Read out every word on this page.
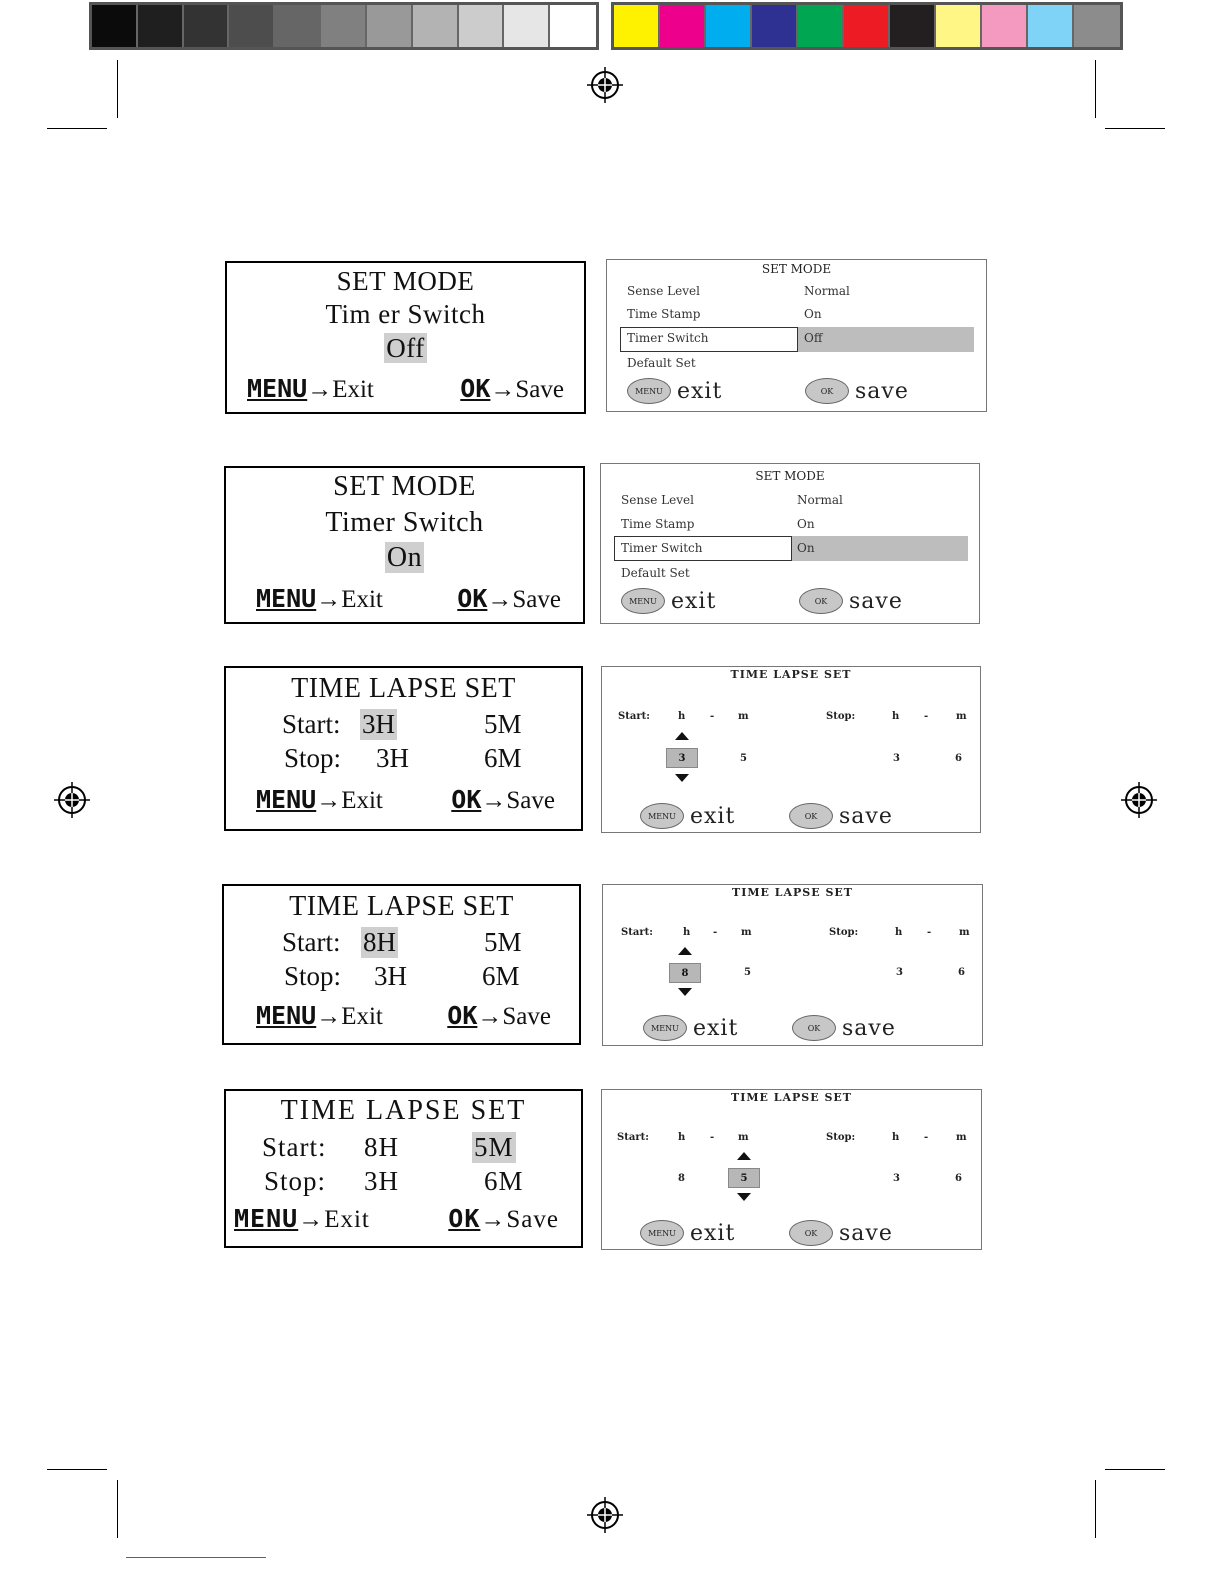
SET MODE
Tim er Switch
Off
MENU→Exit	OK→Save
SET MODE
Sense Level	Normal
Time Stamp	On
Timer Switch	Off
Default Set
MENU exit	OK save
SET MODE
Timer Switch
On
MENU→Exit	OK→Save
SET MODE
Sense Level	Normal
Time Stamp	On
Timer Switch	On
Default Set
MENU exit	OK save
TIME LAPSE SET
Start: 3H	5M
Stop: 3H	6M
MENU→Exit	OK→Save
TIME LAPSE SET
Start:	h - m	Stop:	h -	m
3	5	3	6
MENU exit	OK save
TIME LAPSE SET
Start: 8H	5M
Stop: 3H	6M
MENU→Exit	OK→Save
TIME LAPSE SET
Start:	h - m	Stop:	h -	m
8	5	3	6
MENU exit	OK save
TIME LAPSE SET
Start: 8H	5M
Stop: 3H	6M
MENU→Exit	OK→Save
TIME LAPSE SET
Start:	h - m	Stop:	h -	m
8	5	3	6
MENU exit	OK save
